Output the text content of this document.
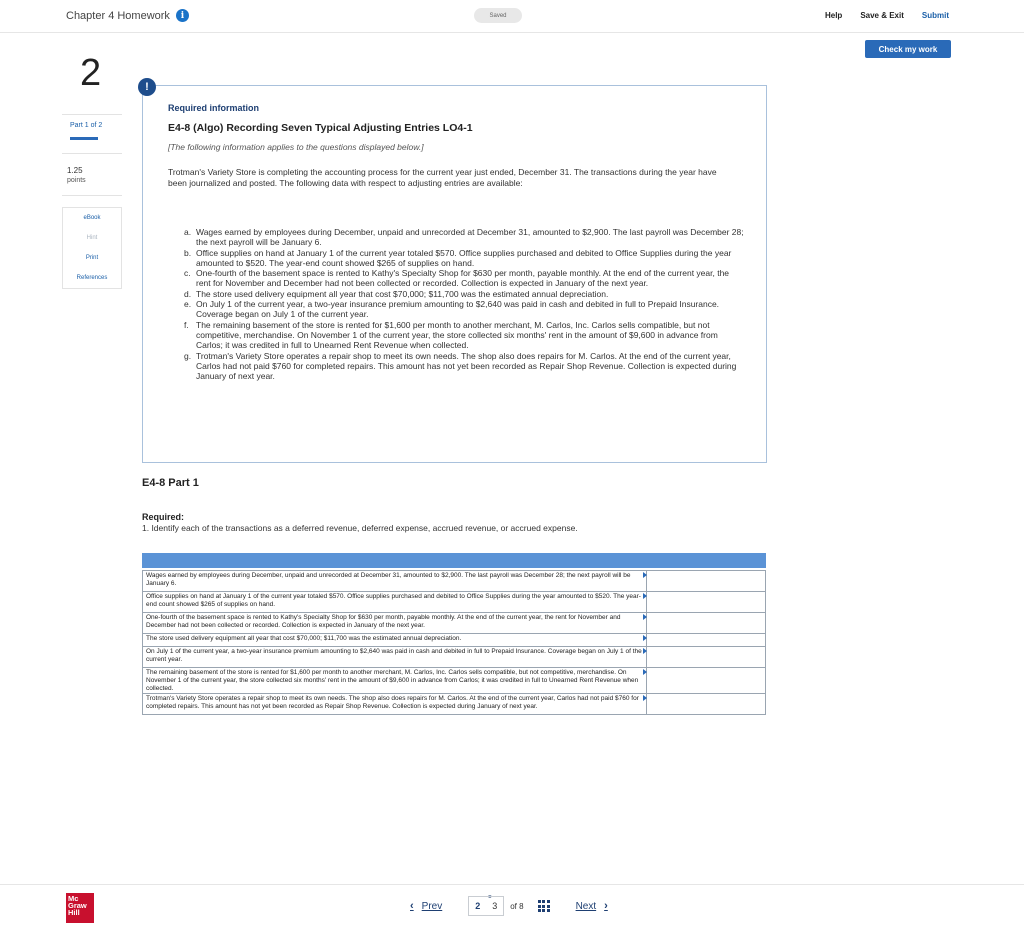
Chapter 4 Homework	i	Saved	Help Save & Exit Submit
Check my work
2
Part 1 of 2
1.25
points
eBook
Hint
Print
References
!
Required information
E4-8 (Algo) Recording Seven Typical Adjusting Entries LO4-1
[The following information applies to the questions displayed below.]
Trotman's Variety Store is completing the accounting process for the current year just ended, December 31. The transactions during the year have been journalized and posted. The following data with respect to adjusting entries are available:
a. Wages earned by employees during December, unpaid and unrecorded at December 31, amounted to $2,900. The last payroll was December 28; the next payroll will be January 6.
b. Office supplies on hand at January 1 of the current year totaled $570. Office supplies purchased and debited to Office Supplies during the year amounted to $520. The year-end count showed $265 of supplies on hand.
c. One-fourth of the basement space is rented to Kathy's Specialty Shop for $630 per month, payable monthly. At the end of the current year, the rent for November and December had not been collected or recorded. Collection is expected in January of the next year.
d. The store used delivery equipment all year that cost $70,000; $11,700 was the estimated annual depreciation.
e. On July 1 of the current year, a two-year insurance premium amounting to $2,640 was paid in cash and debited in full to Prepaid Insurance. Coverage began on July 1 of the current year.
f. The remaining basement of the store is rented for $1,600 per month to another merchant, M. Carlos, Inc. Carlos sells compatible, but not competitive, merchandise. On November 1 of the current year, the store collected six months' rent in the amount of $9,600 in advance from Carlos; it was credited in full to Unearned Rent Revenue when collected.
g. Trotman's Variety Store operates a repair shop to meet its own needs. The shop also does repairs for M. Carlos. At the end of the current year, Carlos had not paid $760 for completed repairs. This amount has not yet been recorded as Repair Shop Revenue. Collection is expected during January of next year.
E4-8 Part 1
Required:
1. Identify each of the transactions as a deferred revenue, deferred expense, accrued revenue, or accrued expense.

Wages earned by employees during December, unpaid and unrecorded at December 31, amounted to $2,900. The last payroll was December 28; the next payroll will be January 6.	

Office supplies on hand at January 1 of the current year totaled $570. Office supplies purchased and debited to Office Supplies during the year amounted to $520. The year-end count showed $265 of supplies on hand.	

One-fourth of the basement space is rented to Kathy's Specialty Shop for $630 per month, payable monthly. At the end of the current year, the rent for November and December had not been collected or recorded. Collection is expected in January of the next year.	

The store used delivery equipment all year that cost $70,000; $11,700 was the estimated annual depreciation.	

On July 1 of the current year, a two-year insurance premium amounting to $2,640 was paid in cash and debited in full to Prepaid Insurance. Coverage began on July 1 of the current year.	

The remaining basement of the store is rented for $1,600 per month to another merchant, M. Carlos, Inc. Carlos sells compatible, but not competitive, merchandise. On November 1 of the current year, the store collected six months' rent in the amount of $9,600 in advance from Carlos; it was credited in full to Unearned Rent Revenue when collected.	

Trotman's Variety Store operates a repair shop to meet its own needs. The shop also does repairs for M. Carlos. At the end of the current year, Carlos had not paid $760 for completed repairs. This amount has not yet been recorded as Repair Shop Revenue. Collection is expected during January of next year.	
Mc Graw Hill
⚭
‹ Prev	2	3	of 8	Next ›
